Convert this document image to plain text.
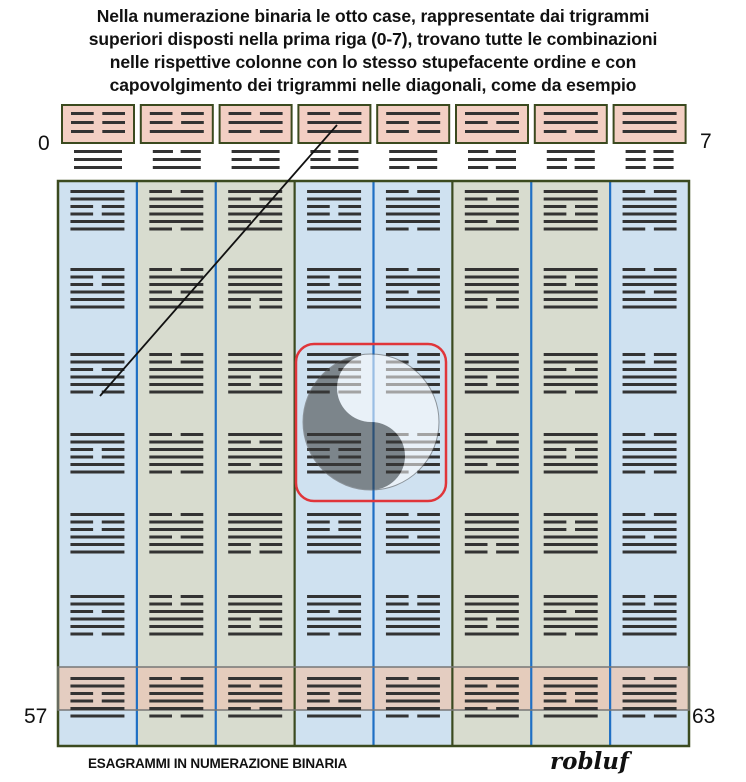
Nella numerazione binaria le otto case, rappresentate dai trigrammi
superiori disposti nella prima riga (0-7), trovano tutte le combinazioni
nelle rispettive colonne con lo stesso stupefacente ordine e con
capovolgimento dei trigrammi nelle diagonali, come da esempio
0	7
57	63
ESAGRAMMI IN NUMERAZIONE BINARIA	robluf
